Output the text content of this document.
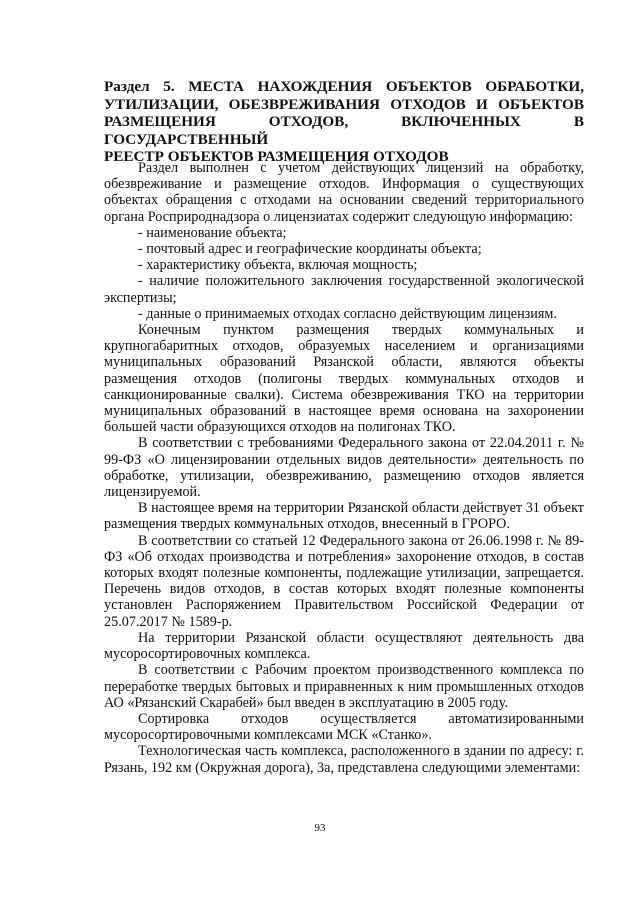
Раздел 5. МЕСТА НАХОЖДЕНИЯ ОБЪЕКТОВ ОБРАБОТКИ,
УТИЛИЗАЦИИ, ОБЕЗВРЕЖИВАНИЯ ОТХОДОВ И ОБЪЕКТОВ
РАЗМЕЩЕНИЯ ОТХОДОВ, ВКЛЮЧЕННЫХ В ГОСУДАРСТВЕННЫЙ
РЕЕСТР ОБЪЕКТОВ РАЗМЕЩЕНИЯ ОТХОДОВ

Раздел выполнен с учетом действующих лицензий на обработку, обезвреживание и размещение отходов. Информация о существующих объектах обращения с отходами на основании сведений территориального органа Росприроднадзора о лицензиатах содержит следующую информацию:

- наименование объекта;

- почтовый адрес и географические координаты объекта;

- характеристику объекта, включая мощность;

- наличие положительного заключения государственной экологической экспертизы;

- данные о принимаемых отходах согласно действующим лицензиям.

Конечным пунктом размещения твердых коммунальных и крупногабаритных отходов, образуемых населением и организациями муниципальных образований Рязанской области, являются объекты размещения отходов (полигоны твердых коммунальных отходов и санкционированные свалки). Система обезвреживания ТКО на территории муниципальных образований в настоящее время основана на захоронении большей части образующихся отходов на полигонах ТКО.

В соответствии с требованиями Федерального закона от 22.04.2011 г. № 99-ФЗ «О лицензировании отдельных видов деятельности» деятельность по обработке, утилизации, обезвреживанию, размещению отходов является лицензируемой.

В настоящее время на территории Рязанской области действует 31 объект размещения твердых коммунальных отходов, внесенный в ГРОРО.

В соответствии со статьей 12 Федерального закона от 26.06.1998 г. № 89-ФЗ «Об отходах производства и потребления» захоронение отходов, в состав которых входят полезные компоненты, подлежащие утилизации, запрещается. Перечень видов отходов, в состав которых входят полезные компоненты установлен Распоряжением Правительством Российской Федерации от 25.07.2017 № 1589-р.

На территории Рязанской области осуществляют деятельность два мусоросортировочных комплекса.

В соответствии с Рабочим проектом производственного комплекса по переработке твердых бытовых и приравненных к ним промышленных отходов АО «Рязанский Скарабей» был введен в эксплуатацию в 2005 году.

Сортировка отходов осуществляется автоматизированными мусоросортировочными комплексами МСК «Станко».

Технологическая часть комплекса, расположенного в здании по адресу: г. Рязань, 192 км (Окружная дорога), 3а, представлена следующими элементами:

93
